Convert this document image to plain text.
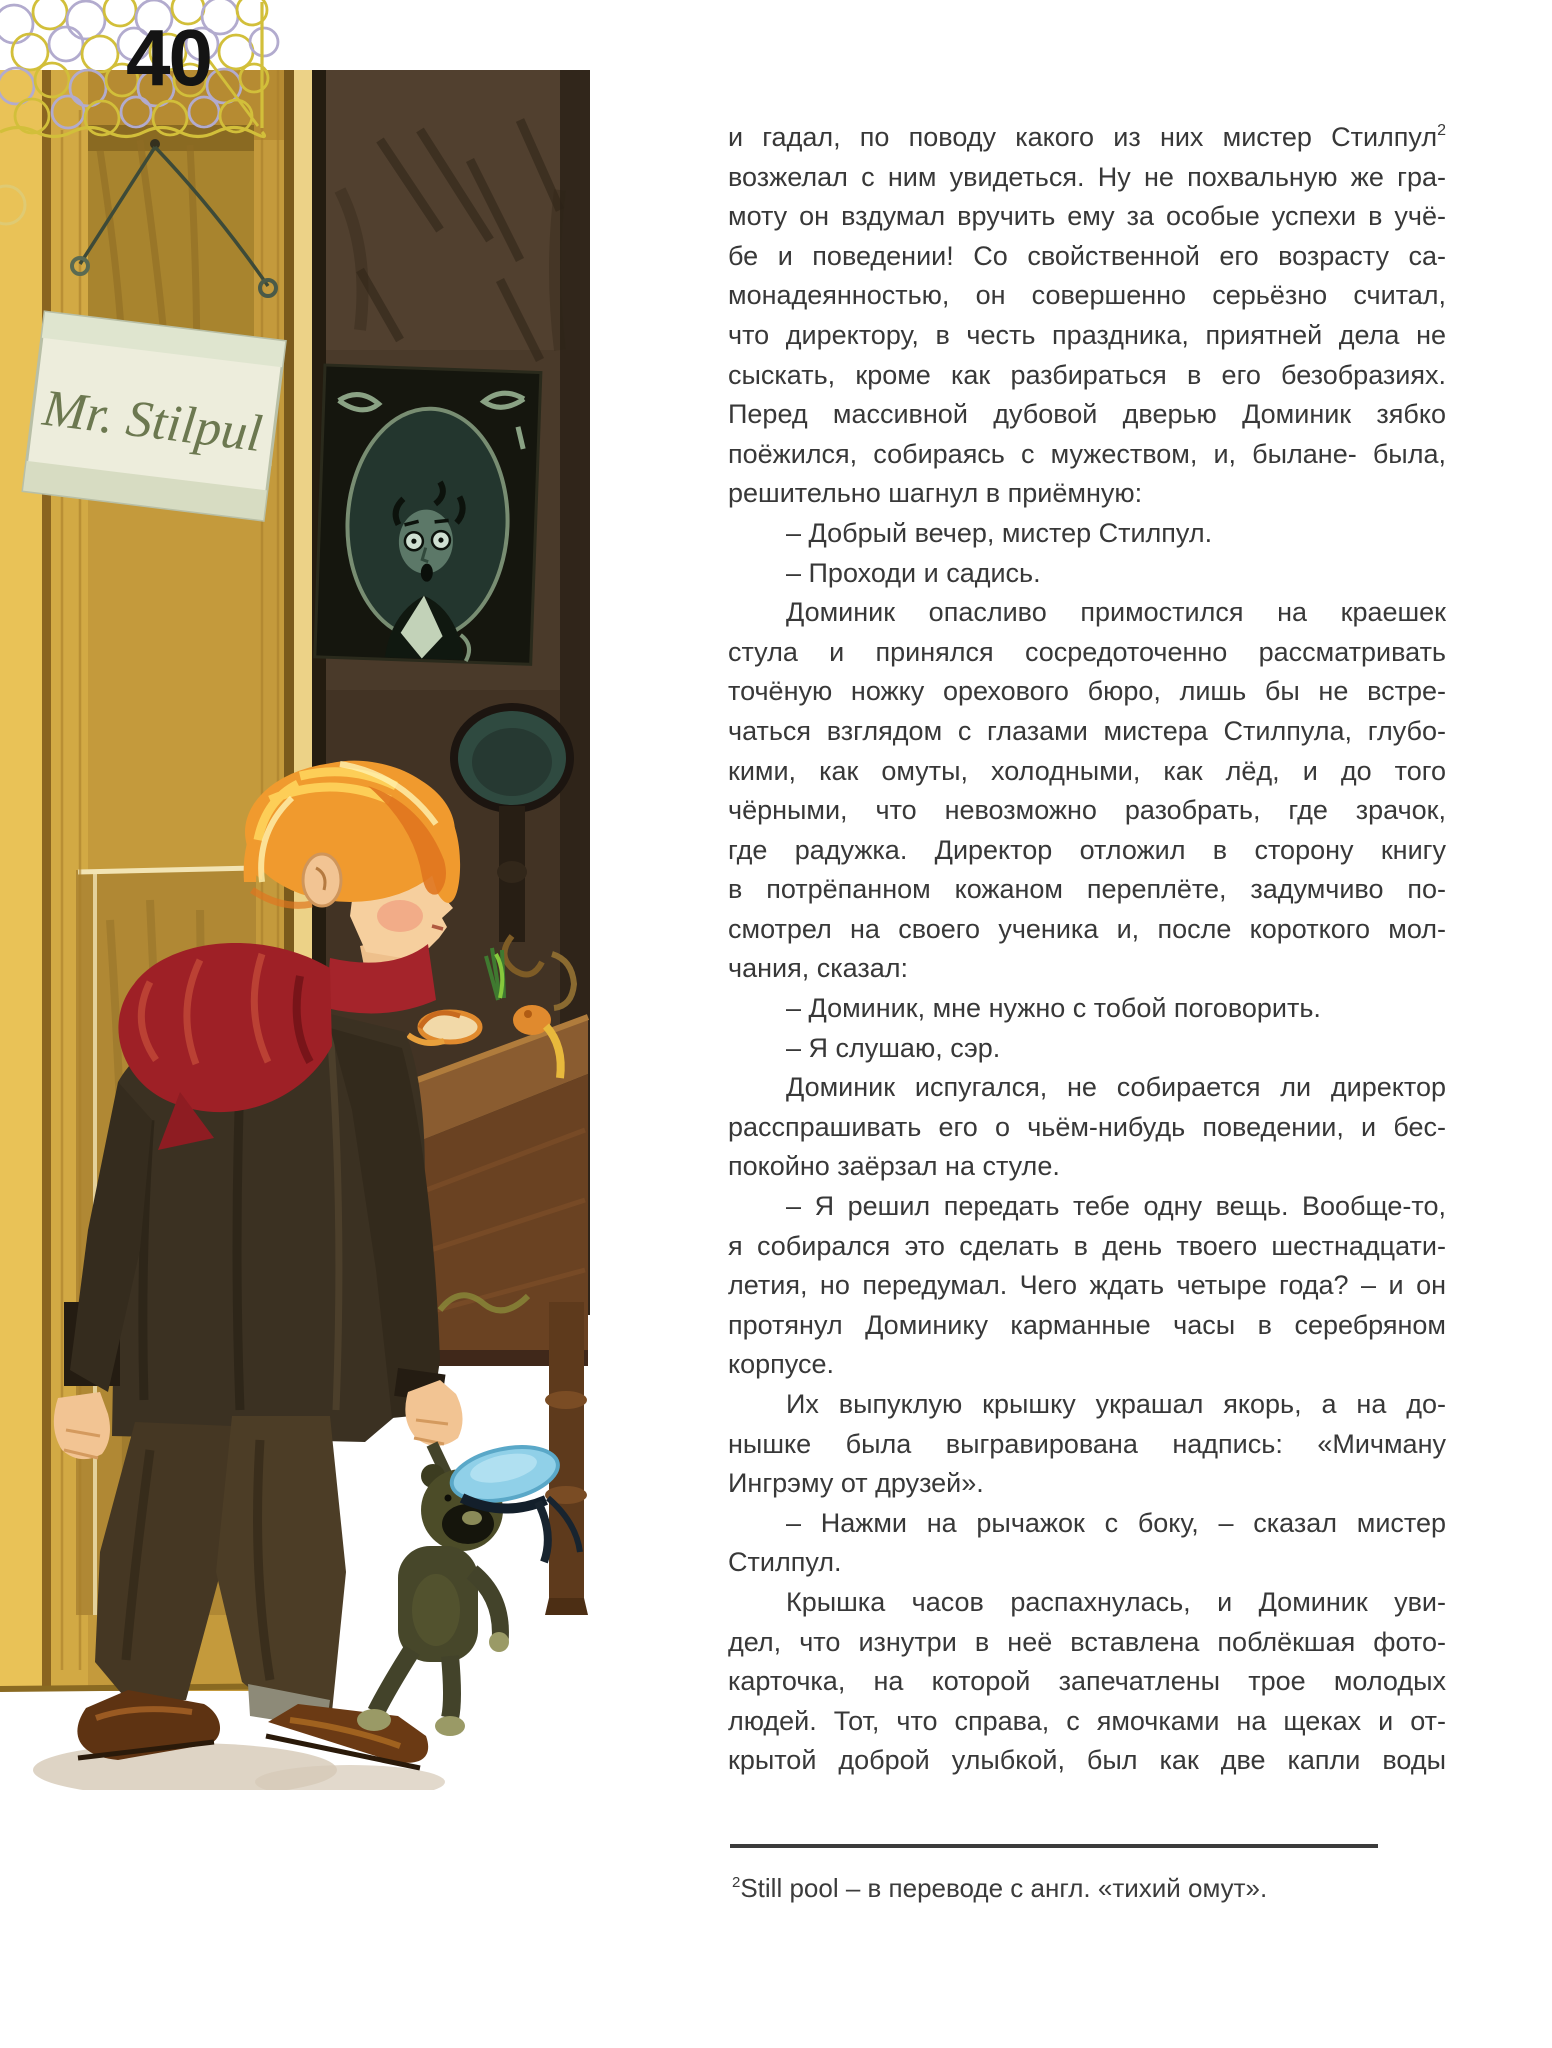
Mr. Stilpul
40
и гадал, по поводу какого из них мистер Стилпул$^2$
возжелал с ним увидеться. Ну не похвальную же гра-
моту он вздумал вручить ему за особые успехи в учё-
бе и поведении! Со свойственной его возрасту са-
монадеянностью, он совершенно серьёзно считал,
что директору, в честь праздника, приятней дела не
сыскать, кроме как разбираться в его безобразиях.
Перед массивной дубовой дверью Доминик зябко
поёжился, собираясь с мужеством, и, былане- была,
решительно шагнул в приёмную:
– Добрый вечер, мистер Стилпул.
– Проходи и садись.
Доминик опасливо примостился на краешек
стула и принялся сосредоточенно рассматривать
точёную ножку орехового бюро, лишь бы не встре-
чаться взглядом с глазами мистера Стилпула, глубо-
кими, как омуты, холодными, как лёд, и до того
чёрными, что невозможно разобрать, где зрачок,
где радужка. Директор отложил в сторону книгу
в потрёпанном кожаном переплёте, задумчиво по-
смотрел на своего ученика и, после короткого мол-
чания, сказал:
– Доминик, мне нужно с тобой поговорить.
– Я слушаю, сэр.
Доминик испугался, не собирается ли директор
расспрашивать его о чьём-нибудь поведении, и бес-
покойно заёрзал на стуле.
– Я решил передать тебе одну вещь. Вообще-то,
я собирался это сделать в день твоего шестнадцати-
летия, но передумал. Чего ждать четыре года? – и он
протянул Доминику карманные часы в серебряном
корпусе.
Их выпуклую крышку украшал якорь, а на до-
нышке была выгравирована надпись: «Мичману
Ингрэму от друзей».
– Нажми на рычажок с боку, – сказал мистер
Стилпул.
Крышка часов распахнулась, и Доминик уви-
дел, что изнутри в неё вставлена поблёкшая фото-
карточка, на которой запечатлены трое молодых
людей. Тот, что справа, с ямочками на щеках и от-
крытой доброй улыбкой, был как две капли воды
$^2$Still pool – в переводе с англ. «тихий омут».
